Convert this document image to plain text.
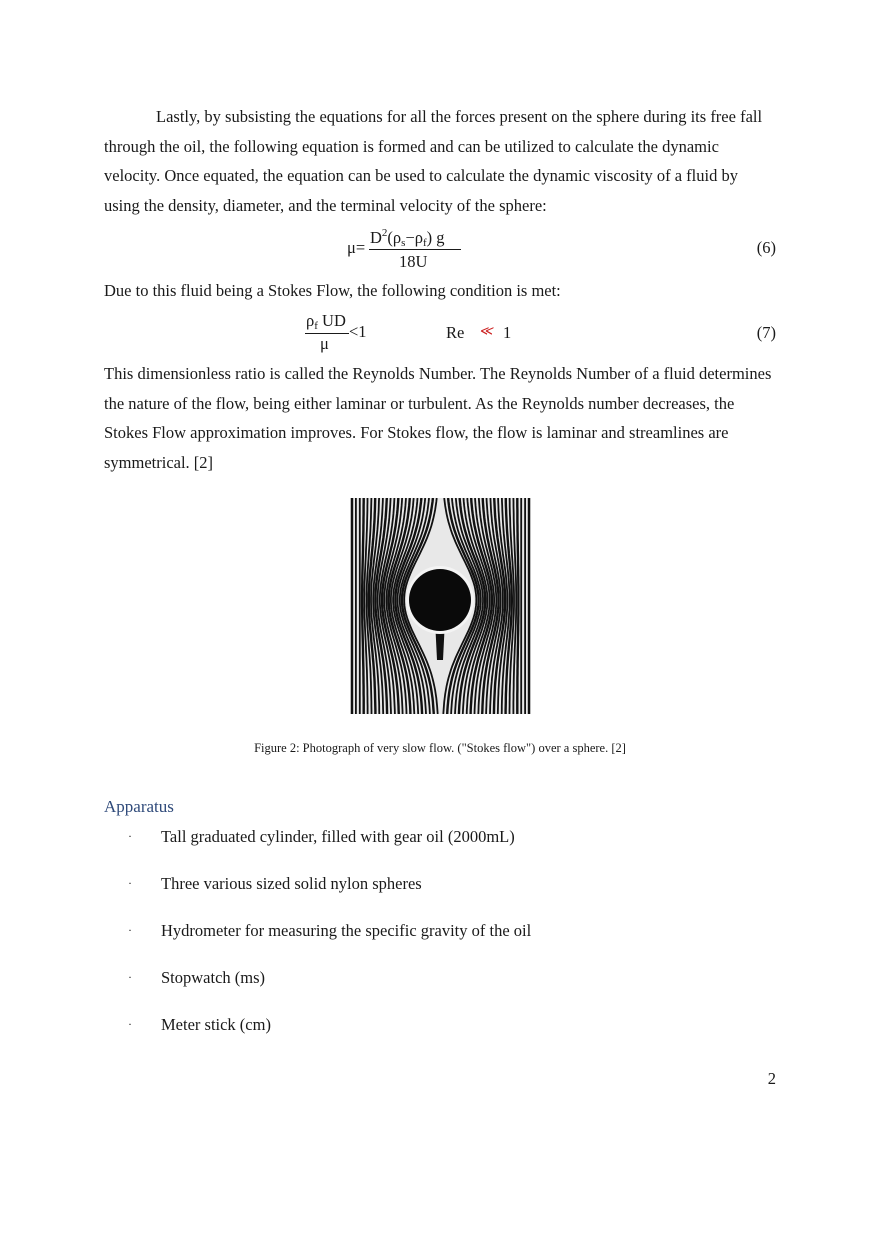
Lastly, by subsisting the equations for all the forces present on the sphere during its free fall through the oil, the following equation is formed and can be utilized to calculate the dynamic velocity. Once equated, the equation can be used to calculate the dynamic viscosity of a fluid by using the density, diameter, and the terminal velocity of the sphere:

μ=
$D^2(\rho_s-\rho_f)$ g
18U
(6)

Due to this fluid being a Stokes Flow, the following condition is met:

$\rho_f$ UD
μ
<1	Re ≪ 1	(7)

This dimensionless ratio is called the Reynolds Number. The Reynolds Number of a fluid determines the nature of the flow, being either laminar or turbulent. As the Reynolds number decreases, the Stokes Flow approximation improves. For Stokes flow, the flow is laminar and streamlines are symmetrical. [2]

Figure 2: Photograph of very slow flow. ("Stokes flow") over a sphere. [2]
Apparatus
· Tall graduated cylinder, filled with gear oil (2000mL)
· Three various sized solid nylon spheres
· Hydrometer for measuring the specific gravity of the oil
· Stopwatch (ms)
· Meter stick (cm)
2
